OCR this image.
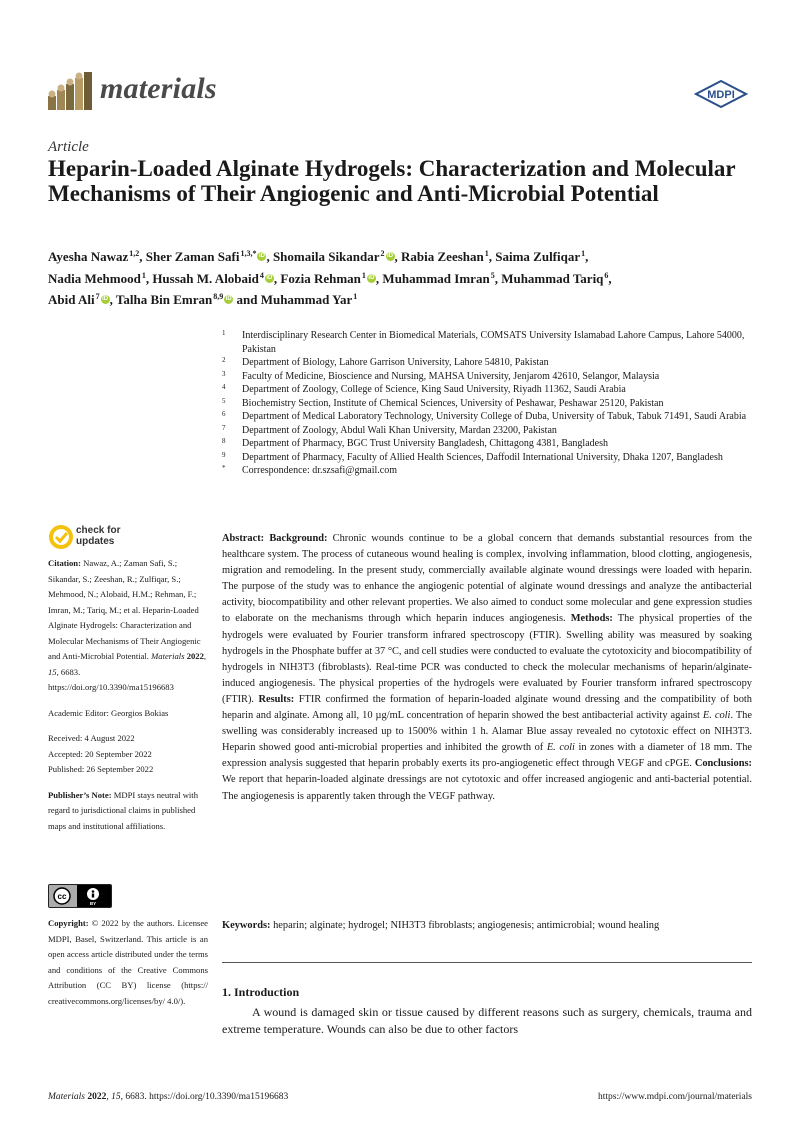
materials	MDPI
Article
Heparin-Loaded Alginate Hydrogels: Characterization and Molecular Mechanisms of Their Angiogenic and Anti-Microbial Potential
Ayesha Nawaz$^{1,2}$, Sher Zaman Safi$^{1,3,*}$ iD , Shomaila Sikandar$^2$ iD , Rabia Zeeshan$^1$, Saima Zulfiqar$^1$,
Nadia Mehmood$^1$, Hussah M. Alobaid$^4$ iD , Fozia Rehman$^1$ iD , Muhammad Imran$^5$, Muhammad Tariq$^6$,
Abid Ali$^7$ iD , Talha Bin Emran$^{8,9}$ iD and Muhammad Yar$^1$
1 Interdisciplinary Research Center in Biomedical Materials, COMSATS University Islamabad Lahore Campus, Lahore 54000, Pakistan
2 Department of Biology, Lahore Garrison University, Lahore 54810, Pakistan
3 Faculty of Medicine, Bioscience and Nursing, MAHSA University, Jenjarom 42610, Selangor, Malaysia
4 Department of Zoology, College of Science, King Saud University, Riyadh 11362, Saudi Arabia
5 Biochemistry Section, Institute of Chemical Sciences, University of Peshawar, Peshawar 25120, Pakistan
6 Department of Medical Laboratory Technology, University College of Duba, University of Tabuk, Tabuk 71491, Saudi Arabia
7 Department of Zoology, Abdul Wali Khan University, Mardan 23200, Pakistan
8 Department of Pharmacy, BGC Trust University Bangladesh, Chittagong 4381, Bangladesh
9 Department of Pharmacy, Faculty of Allied Health Sciences, Daffodil International University, Dhaka 1207, Bangladesh
* Correspondence: dr.szsafi@gmail.com
check for updates

Citation: Nawaz, A.; Zaman Safi, S.; Sikandar, S.; Zeeshan, R.; Zulfiqar, S.; Mehmood, N.; Alobaid, H.M.; Rehman, F.; Imran, M.; Tariq, M.; et al. Heparin-Loaded Alginate Hydrogels: Characterization and Molecular Mechanisms of Their Angiogenic and Anti-Microbial Potential. Materials 2022, 15, 6683. https://doi.org/10.3390/ma15196683

Academic Editor: Georgios Bokias

Received: 4 August 2022

Accepted: 20 September 2022

Published: 26 September 2022

Publisher’s Note: MDPI stays neutral with regard to jurisdictional claims in published maps and institutional affiliations.

cc
BY
Copyright: © 2022 by the authors. Licensee MDPI, Basel, Switzerland. This article is an open access article distributed under the terms and conditions of the Creative Commons Attribution (CC BY) license (https:// creativecommons.org/licenses/by/ 4.0/).
Abstract: Background: Chronic wounds continue to be a global concern that demands substantial resources from the healthcare system. The process of cutaneous wound healing is complex, involving inflammation, blood clotting, angiogenesis, migration and remodeling. In the present study, commercially available alginate wound dressings were loaded with heparin. The purpose of the study was to enhance the angiogenic potential of alginate wound dressings and analyze the antibacterial activity, biocompatibility and other relevant properties. We also aimed to conduct some molecular and gene expression studies to elaborate on the mechanisms through which heparin induces angiogenesis. Methods: The physical properties of the hydrogels were evaluated by Fourier transform infrared spectroscopy (FTIR). Swelling ability was measured by soaking hydrogels in the Phosphate buffer at 37 °C, and cell studies were conducted to evaluate the cytotoxicity and biocompatibility of hydrogels in NIH3T3 (fibroblasts). Real-time PCR was conducted to check the molecular mechanisms of heparin/alginate-induced angiogenesis. The physical properties of the hydrogels were evaluated by Fourier transform infrared spectroscopy (FTIR). Results: FTIR confirmed the formation of heparin-loaded alginate wound dressing and the compatibility of both heparin and alginate. Among all, 10 µg/mL concentration of heparin showed the best antibacterial activity against E. coli. The swelling was considerably increased up to 1500% within 1 h. Alamar Blue assay revealed no cytotoxic effect on NIH3T3. Heparin showed good anti-microbial properties and inhibited the growth of E. coli in zones with a diameter of 18 mm. The expression analysis suggested that heparin probably exerts its pro-angiogenetic effect through VEGF and cPGE. Conclusions: We report that heparin-loaded alginate dressings are not cytotoxic and offer increased angiogenic and anti-bacterial potential. The angiogenesis is apparently taken through the VEGF pathway.
Keywords: heparin; alginate; hydrogel; NIH3T3 fibroblasts; angiogenesis; antimicrobial; wound healing
1. Introduction
A wound is damaged skin or tissue caused by different reasons such as surgery, chemicals, trauma and extreme temperature. Wounds can also be due to other factors
Materials 2022, 15, 6683. https://doi.org/10.3390/ma15196683	https://www.mdpi.com/journal/materials
